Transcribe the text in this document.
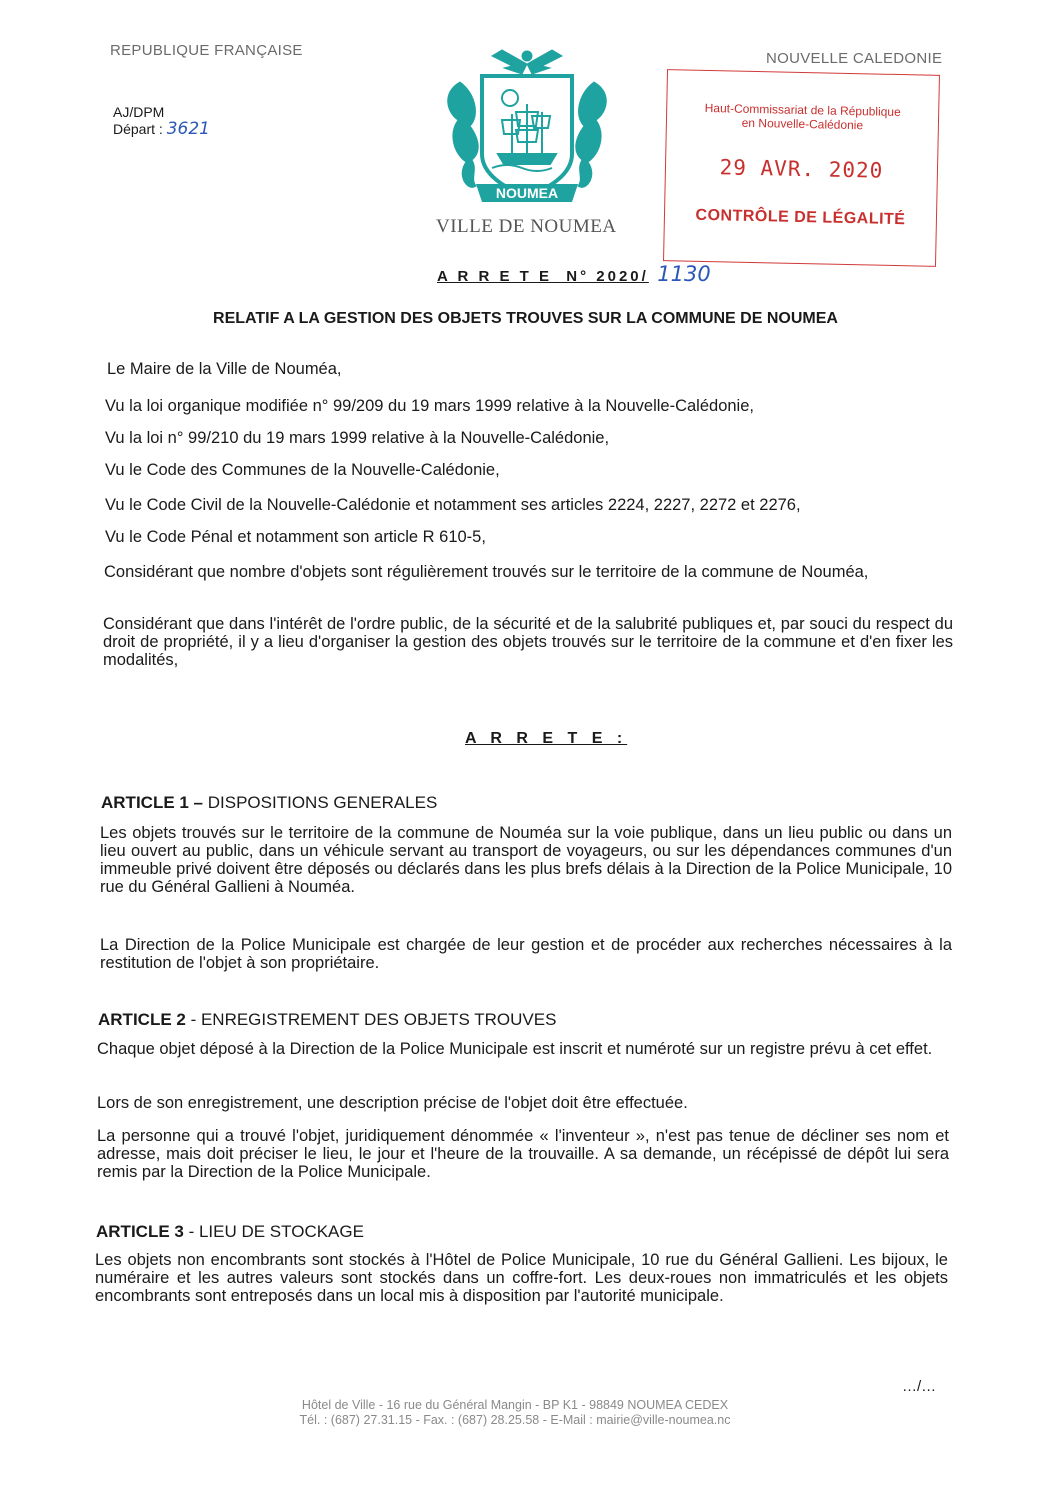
REPUBLIQUE FRANÇAISE	NOUVELLE CALEDONIE
AJ/DPM
Départ : 3621
NOUMEA
VILLE DE NOUMEA
Haut-Commissariat de la République
en Nouvelle-Calédonie
29 AVR. 2020
CONTRÔLE DE LÉGALITÉ
A R R E T E  N° 2020/ 1130
RELATIF A LA GESTION DES OBJETS TROUVES SUR LA COMMUNE DE NOUMEA
Le Maire de la Ville de Nouméa,
Vu la loi organique modifiée n° 99/209 du 19 mars 1999 relative à la Nouvelle-Calédonie,
Vu la loi n° 99/210 du 19 mars 1999 relative à la Nouvelle-Calédonie,
Vu le Code des Communes de la Nouvelle-Calédonie,
Vu le Code Civil de la Nouvelle-Calédonie et notamment ses articles 2224, 2227, 2272 et 2276,
Vu le Code Pénal et notamment son article R 610-5,
Considérant que nombre d'objets sont régulièrement trouvés sur le territoire de la commune de Nouméa,
Considérant que dans l'intérêt de l'ordre public, de la sécurité et de la salubrité publiques et, par souci du respect du droit de propriété, il y a lieu d'organiser la gestion des objets trouvés sur le territoire de la commune et d'en fixer les modalités,
A R R E T E :
ARTICLE 1 – DISPOSITIONS GENERALES
Les objets trouvés sur le territoire de la commune de Nouméa sur la voie publique, dans un lieu public ou dans un lieu ouvert au public, dans un véhicule servant au transport de voyageurs, ou sur les dépendances communes d'un immeuble privé doivent être déposés ou déclarés dans les plus brefs délais à la Direction de la Police Municipale, 10 rue du Général Gallieni à Nouméa.
La Direction de la Police Municipale est chargée de leur gestion et de procéder aux recherches nécessaires à la restitution de l'objet à son propriétaire.
ARTICLE 2 - ENREGISTREMENT DES OBJETS TROUVES
Chaque objet déposé à la Direction de la Police Municipale est inscrit et numéroté sur un registre prévu à cet effet.
Lors de son enregistrement, une description précise de l'objet doit être effectuée.
La personne qui a trouvé l'objet, juridiquement dénommée « l'inventeur », n'est pas tenue de décliner ses nom et adresse, mais doit préciser le lieu, le jour et l'heure de la trouvaille. A sa demande, un récépissé de dépôt lui sera remis par la Direction de la Police Municipale.
ARTICLE 3 - LIEU DE STOCKAGE
Les objets non encombrants sont stockés à l'Hôtel de Police Municipale, 10 rue du Général Gallieni. Les bijoux, le numéraire et les autres valeurs sont stockés dans un coffre-fort. Les deux-roues non immatriculés et les objets encombrants sont entreposés dans un local mis à disposition par l'autorité municipale.
…/…
Hôtel de Ville - 16 rue du Général Mangin - BP K1 - 98849 NOUMEA CEDEX
Tél. : (687) 27.31.15 - Fax. : (687) 28.25.58 - E-Mail : mairie@ville-noumea.nc
